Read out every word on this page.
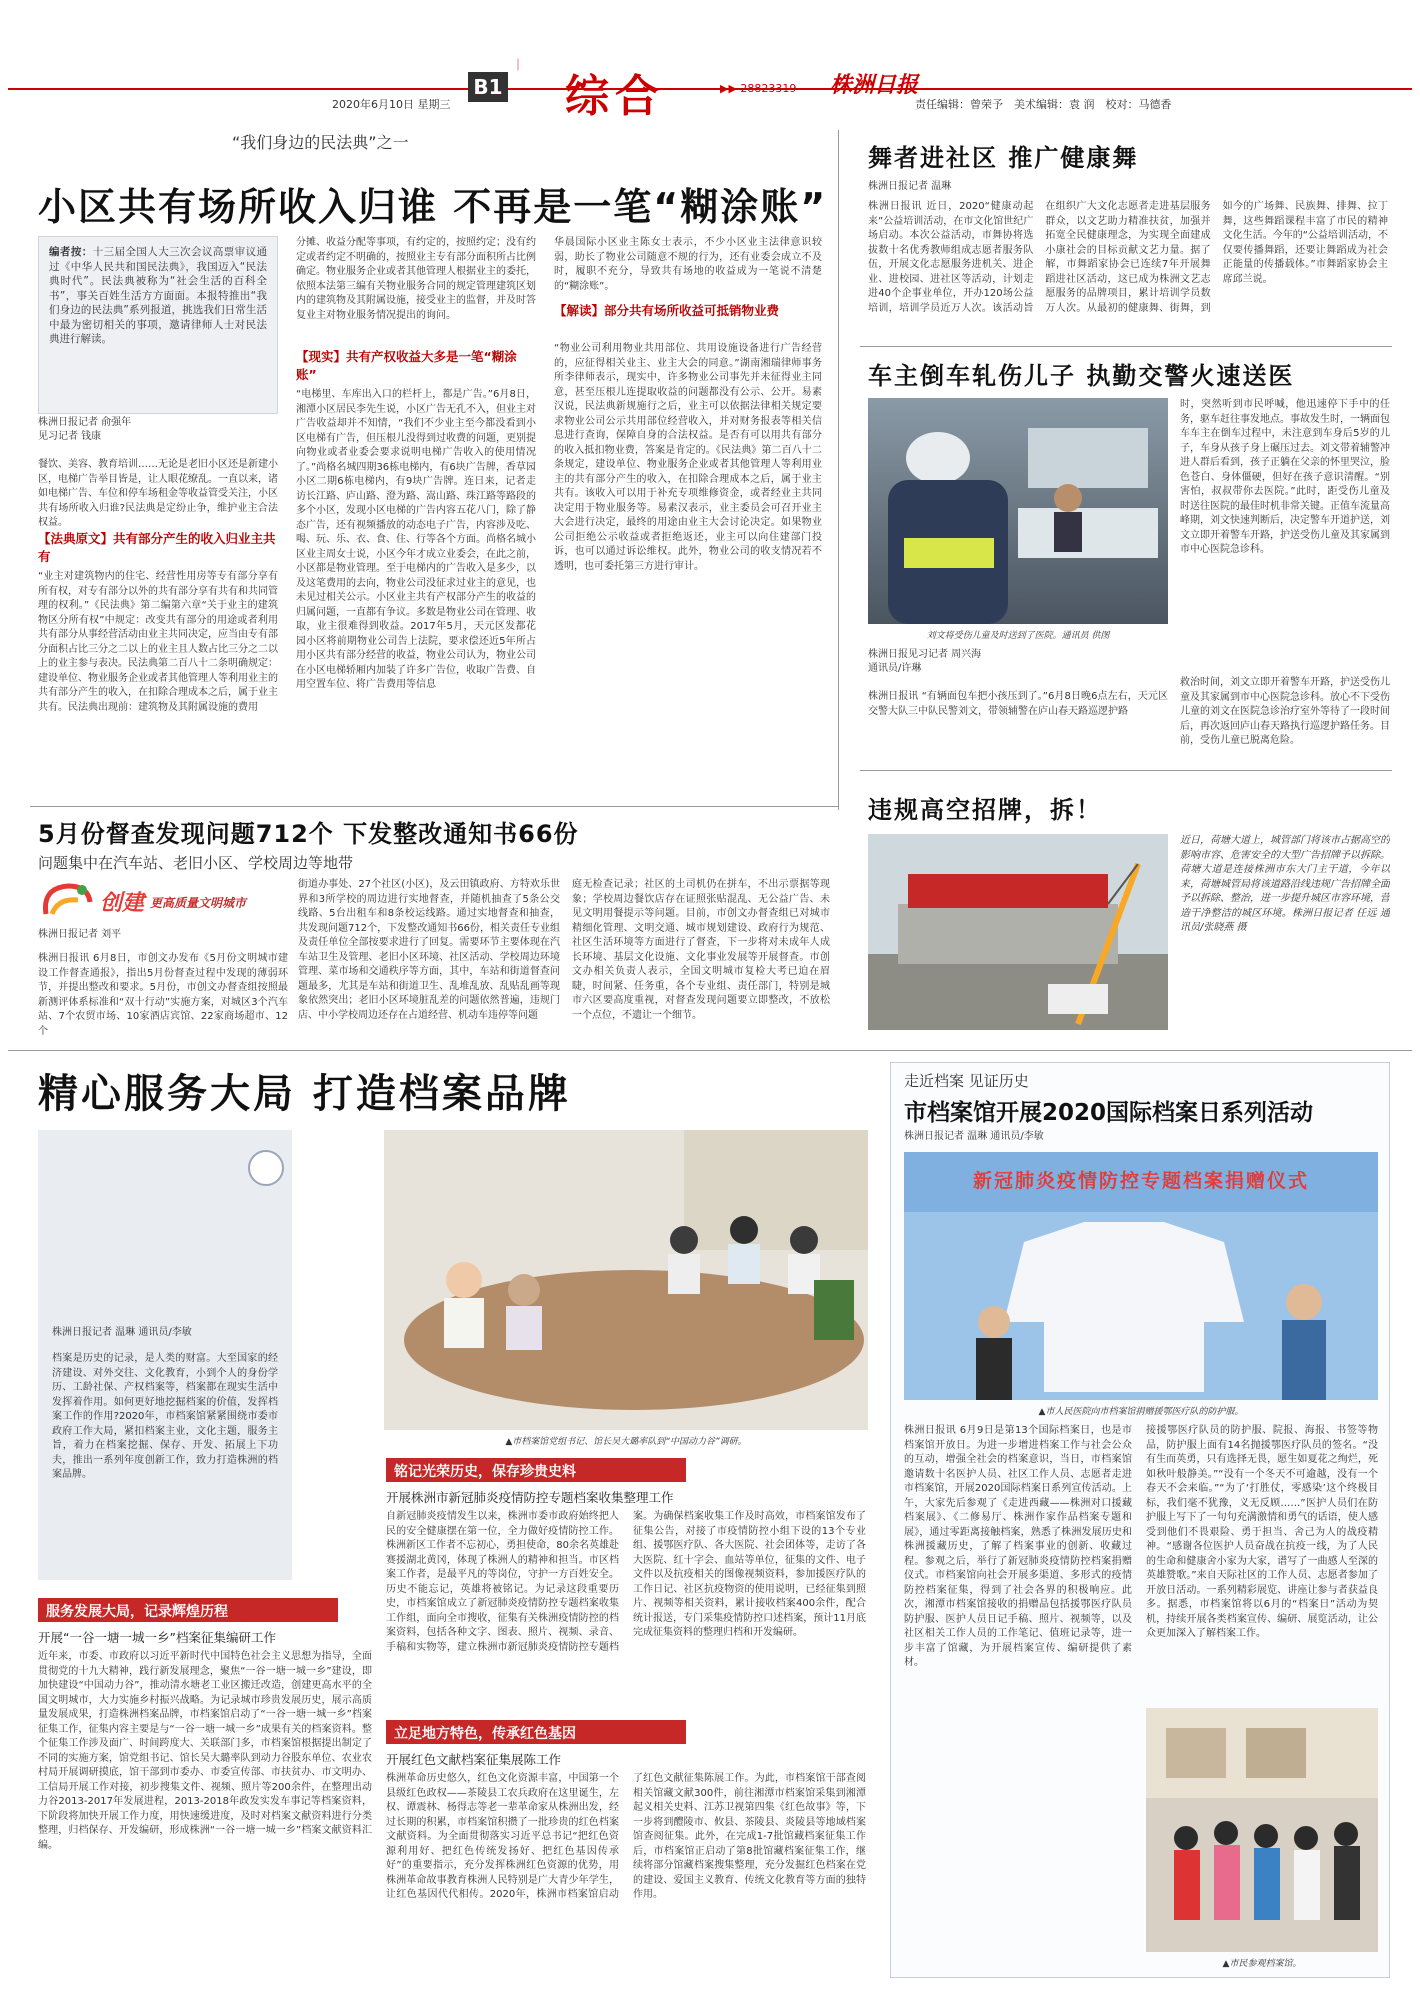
2020年6月10日 星期三
B1
｜
综合	▶▶ 28823319 株洲日报
责任编辑：曾荣予　美术编辑：袁 润　校对：马德香
“我们身边的民法典”之一
小区共有场所收入归谁 不再是一笔“糊涂账”
编者按：十三届全国人大三次会议高票审议通过《中华人民共和国民法典》，我国迈入“民法典时代”。民法典被称为“社会生活的百科全书”，事关百姓生活方方面面。本报特推出“我们身边的民法典”系列报道，挑选我们日常生活中最为密切相关的事项，邀请律师人士对民法典进行解读。
株洲日报记者 俞强年
见习记者 钱康
餐饮、美容、教育培训……无论是老旧小区还是新建小区，电梯广告举目皆是，让人眼花缭乱。一直以来，诸如电梯广告、车位和停车场租金等收益管受关注，小区共有场所收入归谁?民法典是定纷止争，维护业主合法权益。
【法典原文】共有部分产生的收入归业主共有
“业主对建筑物内的住宅、经营性用房等专有部分享有所有权，对专有部分以外的共有部分享有共有和共同管理的权利。”《民法典》第二编第六章“关于业主的建筑物区分所有权”中规定：改变共有部分的用途或者利用共有部分从事经营活动由业主共同决定，应当由专有部分面积占比三分之二以上的业主且人数占比三分之二以上的业主参与表决。民法典第二百八十二条明确规定：建设单位、物业服务企业或者其他管理人等利用业主的共有部分产生的收入，在扣除合理成本之后，属于业主共有。民法典出现前：建筑物及其附属设施的费用
分摊、收益分配等事项，有约定的，按照约定；没有约定或者约定不明确的，按照业主专有部分面积所占比例确定。物业服务企业或者其他管理人根据业主的委托，依照本法第三编有关物业服务合同的规定管理建筑区划内的建筑物及其附属设施，接受业主的监督，并及时答复业主对物业服务情况提出的询问。
【现实】共有产权收益大多是一笔“糊涂账”
“电梯里、车库出入口的栏杆上，都是广告。”6月8日，湘潭小区居民李先生说，小区广告无孔不入，但业主对广告收益却并不知情，“我们不少业主至今都没看到小区电梯有广告，但压根儿没得到过收费的问题，更别提向物业或者业委会要求说明电梯广告收入的使用情况了。”尚格名城四期36栋电梯内，有6块广告牌，香草园小区二期6栋电梯内，有9块广告牌。连日来，记者走访长江路、庐山路、澄为路、嵩山路、珠江路等路段的多个小区，发现小区电梯的广告内容五花八门，除了静态广告，还有视频播放的动态电子广告，内容涉及吃、喝、玩、乐、衣、食、住、行等各个方面。尚格名城小区业主周女士说，小区今年才成立业委会，在此之前，小区都是物业管理。至于电梯内的广告收入是多少，以及这笔费用的去向，物业公司没征求过业主的意见，也未见过相关公示。小区业主共有产权部分产生的收益的归属问题，一直都有争议。多数是物业公司在管理、收取，业主很难得到收益。2017年5月，天元区发都花园小区将前期物业公司告上法院，要求偿还近5年所占用小区共有部分经营的收益，物业公司认为，物业公司在小区电梯轿厢内加装了许多广告位，收取广告费、自用空置车位、将广告费用等信息
华晨国际小区业主陈女士表示，不少小区业主法律意识较弱，助长了物业公司随意不规的行为，还有业委会成立不及时，履职不充分，导致共有场地的收益成为一笔说不清楚的“糊涂账”。
【解读】部分共有场所收益可抵销物业费
“物业公司利用物业共用部位、共用设施设备进行广告经营的，应征得相关业主、业主大会的同意。”湖南湘瑞律师事务所李律师表示，现实中，许多物业公司事先并未征得业主同意，甚至压根儿连提取收益的问题都没有公示、公开。易素汉说，民法典新规施行之后，业主可以依据法律相关规定要求物业公司公示共用部位经营收入，并对财务报表等相关信息进行查询，保障自身的合法权益。是否有可以用共有部分的收入抵扣物业费，答案是肯定的。《民法典》第二百八十二条规定，建设单位、物业服务企业或者其他管理人等利用业主的共有部分产生的收入，在扣除合理成本之后，属于业主共有。该收入可以用于补充专项维修资金，或者经业主共同决定用于物业服务等。易素汉表示，业主委员会可召开业主大会进行决定，最终的用途由业主大会讨论决定。如果物业公司拒绝公示收益或者拒绝返还，业主可以向住建部门投诉，也可以通过诉讼维权。此外，物业公司的收支情况若不透明，也可委托第三方进行审计。
舞者进社区 推广健康舞
株洲日报记者 温琳
株洲日报讯 近日，2020“健康动起来”公益培训活动，在市文化馆世纪广场启动。本次公益活动，市舞协将选拔数十名优秀教师组成志愿者服务队伍，开展文化志愿服务进机关、进企业、进校园、进社区等活动，计划走进40个企事业单位，开办120场公益培训，培训学员近万人次。该活动旨在组织广大文化志愿者走进基层服务群众，以文艺助力精准扶贫，加强并拓宽全民健康理念，为实现全面建成小康社会的目标贡献文艺力量。据了解，市舞蹈家协会已连续7年开展舞蹈进社区活动，这已成为株洲文艺志愿服务的品牌项目，累计培训学员数万人次。从最初的健康舞、街舞，到如今的广场舞、民族舞、排舞、拉丁舞，这些舞蹈课程丰富了市民的精神文化生活。今年的“公益培训活动，不仅要传播舞蹈，还要让舞蹈成为社会正能量的传播载体。”市舞蹈家协会主席邱兰说。
车主倒车轧伤儿子 执勤交警火速送医
刘文将受伤儿童及时送到了医院。通讯员 供图
株洲日报见习记者 周兴海
通讯员/许琳
株洲日报讯 “有辆面包车把小孩压到了。”6月8日晚6点左右，天元区交警大队三中队民警刘文，带领辅警在庐山春天路巡逻护路
时，突然听到市民呼喊，他迅速停下手中的任务，驱车赶往事发地点。事故发生时，一辆面包车车主在倒车过程中，未注意到车身后5岁的儿子，车身从孩子身上碾压过去。刘文带着辅警冲进人群后看到，孩子正躺在父亲的怀里哭泣，脸色苍白、身体僵硬，但好在孩子意识清醒。“别害怕，叔叔带你去医院。”此时，距受伤儿童及时送往医院的最佳时机非常关键。正值车流量高峰期，刘文快速判断后，决定警车开道护送，刘文立即开着警车开路，护送受伤儿童及其家属到市中心医院急诊科。
救治时间，刘文立即开着警车开路，护送受伤儿童及其家属到市中心医院急诊科。放心不下受伤儿童的刘文在医院急诊治疗室外等待了一段时间后，再次返回庐山春天路执行巡逻护路任务。目前，受伤儿童已脱离危险。
5月份督查发现问题712个 下发整改通知书66份
问题集中在汽车站、老旧小区、学校周边等地带
创建 更高质量文明城市
株洲日报记者 刘平
株洲日报讯 6月8日，市创文办发布《5月份文明城市建设工作督查通报》，指出5月份督查过程中发现的薄弱环节，并提出整改和要求。5月份，市创文办督查组按照最新测评体系标准和“双十行动”实施方案，对城区3个汽车站、7个农贸市场、10家酒店宾馆、22家商场超市、12个
街道办事处、27个社区(小区)，及云田镇政府、方特欢乐世界和3所学校的周边进行实地督查，并随机抽查了5条公交线路、5台出租车和8条校运线路。通过实地督查和抽查，共发现问题712个，下发整改通知书66份，相关责任专业组及责任单位全部按要求进行了回复。需要环节主要体现在汽车站卫生及管理、老旧小区环境、社区活动、学校周边环境管理、菜市场和交通秩序等方面，其中，车站和街道督查问题最多，尤其是车站和街道卫生、乱堆乱放、乱贴乱画等现象依然突出；老旧小区环境脏乱差的问题依然普遍，违规门店、中小学校周边还存在占道经营、机动车违停等问题
庭无检查记录；社区的土司机仍在拼车，不出示票据等现象；学校周边餐饮店存在证照张贴混乱、无公益广告、未见文明用餐提示等问题。目前，市创文办督查组已对城市精细化管理、文明交通、城市规划建设、政府行为规范、社区生活环境等方面进行了督查，下一步将对未成年人成长环境、基层文化设施、文化事业发展等开展督查。市创文办相关负责人表示，全国文明城市复检大考已迫在眉睫，时间紧、任务重，各个专业组、责任部门，特别是城市六区要高度重视，对督查发现问题要立即整改，不放松一个点位，不遗让一个细节。
违规高空招牌，拆！
近日，荷塘大道上，城管部门将该市占据高空的影响市容、危害安全的大型广告招牌予以拆除。荷塘大道是连接株洲市东大门主干道，今年以来，荷塘城管局将该道路沿线违规广告招牌全面予以拆除、整治，进一步提升城区市容环境，营造干净整洁的城区环境。株洲日报记者 任远 通讯员/张晓燕 摄
精心服务大局 打造档案品牌
株洲日报记者 温琳 通讯员/李敏
档案是历史的记录，是人类的财富。大至国家的经济建设、对外交往、文化教育，小到个人的身份学历、工龄社保、产权档案等，档案都在现实生活中发挥着作用。如何更好地挖掘档案的价值，发挥档案工作的作用?2020年，市档案馆紧紧围绕市委市政府工作大局，紧扣档案主业，文化主题，服务主旨，着力在档案挖掘、保存、开发、拓展上下功夫，推出一系列年度创新工作，致力打造株洲的档案品牌。
▲市档案馆党组书记、馆长吴大璐率队到“中国动力谷”调研。
服务发展大局，记录辉煌历程
开展“一谷一塘一城一乡”档案征集编研工作
近年来，市委、市政府以习近平新时代中国特色社会主义思想为指导，全面贯彻党的十九大精神，践行新发展理念，聚焦“一谷一塘一城一乡”建设，即加快建设“中国动力谷”，推动清水塘老工业区搬迁改造，创建更高水平的全国文明城市，大力实施乡村振兴战略。为记录城市珍贵发展历史，展示高质量发展成果，打造株洲档案品牌，市档案馆启动了“一谷一塘一城一乡”档案征集工作，征集内容主要是与“一谷一塘一城一乡”成果有关的档案资料。整个征集工作涉及面广、时间跨度大、关联部门多，市档案馆根据提出制定了不同的实施方案，馆党组书记、馆长吴大璐率队到动力谷股东单位、农业农村局开展调研摸底，馆干部到市委办、市委宣传部、市扶贫办、市文明办、工信局开展工作对接，初步搜集文件、视频、照片等200余件，在整理出动力谷2013-2017年发展进程，2013-2018年政发实发车事记等档案资料，下阶段将加快开展工作力度，用快速缓进度，及时对档案文献资料进行分类整理，归档保存、开发编研，形成株洲“一谷一塘一城一乡”档案文献资料汇编。
铭记光荣历史，保存珍贵史料
开展株洲市新冠肺炎疫情防控专题档案收集整理工作
自新冠肺炎疫情发生以来，株洲市委市政府始终把人民的安全健康摆在第一位，全力做好疫情防控工作。株洲新区工作者不忘初心，勇担使命，80余名英雄赴赛援湖北黄冈，体现了株洲人的精神和担当。市区档案工作者，是最平凡的等岗位，守护一方百姓安全。历史不能忘记，英雄将被铭记。为记录这段重要历史，市档案馆成立了新冠肺炎疫情防控专题档案收集工作组，面向全市搜收，征集有关株洲疫情防控的档案资料，包括各种文字、图表、照片、视频、录音、手稿和实物等，建立株洲市新冠肺炎疫情防控专题档案。为确保档案收集工作及时高效，市档案馆发布了征集公告，对接了市疫情防控小组下设的13个专业组、援鄂医疗队、各大医院、社会团体等，走访了各大医院、红十字会、血站等单位，征集的文件、电子文件以及抗疫相关的图像视频资料，参加援医疗队的工作日记、社区抗疫物资的使用说明，已经征集到照片、视频等相关资料，累计接收档案400余件，配合统计报送，专门采集疫情防控口述档案，预计11月底完成征集资料的整理归档和开发编研。
立足地方特色，传承红色基因
开展红色文献档案征集展陈工作
株洲革命历史悠久，红色文化资源丰富，中国第一个县级红色政权——茶陵县工农兵政府在这里诞生，左权、谭震林、杨得志等老一辈革命家从株洲出发，经过长期的积累，市档案馆积攒了一批珍贵的红色档案文献资料。为全面贯彻落实习近平总书记“把红色资源利用好、把红色传统发扬好、把红色基因传承好”的重要指示，充分发挥株洲红色资源的优势，用株洲革命故事教育株洲人民特别是广大青少年学生，让红色基因代代相传。2020年，株洲市档案馆启动了红色文献征集陈展工作。为此，市档案馆干部查阅相关馆藏文献300件，前往湘潭市档案馆采集到湘潭起义相关史料、江苏卫视第四集《红色故事》等，下一步将到醴陵市、攸县、茶陵县、炎陵县等地域档案馆查阅征集。此外，在完成1-7批馆藏档案征集工作后，市档案馆正启动了第8批馆藏档案征集工作，继续将部分馆藏档案搜集整理，充分发掘红色档案在党的建设、爱国主义教育、传统文化教育等方面的独特作用。
走近档案 见证历史
市档案馆开展2020国际档案日系列活动
株洲日报记者 温琳 通讯员/李敏
新冠肺炎疫情防控专题档案捐赠仪式
▲市人民医院向市档案馆捐赠援鄂医疗队的防护服。
株洲日报讯 6月9日是第13个国际档案日，也是市档案馆开放日。为进一步增进档案工作与社会公众的互动，增强全社会的档案意识，当日，市档案馆邀请数十名医护人员、社区工作人员、志愿者走进市档案馆，开展2020国际档案日系列宣传活动。上午，大家先后参观了《走进西藏——株洲对口援藏档案展》、《二修易厅、株洲作家作品档案专题和展》，通过零距离接触档案，熟悉了株洲发展历史和株洲援藏历史，了解了档案事业的创新、收藏过程。参观之后，举行了新冠肺炎疫情防控档案捐赠仪式。市档案馆向社会开展多渠道、多形式的疫情防控档案征集，得到了社会各界的积极响应。此次，湘潭市档案馆接收的捐赠品包括援鄂医疗队员防护服、医护人员日记手稿、照片、视频等，以及社区相关工作人员的工作笔记、值班记录等，进一步丰富了馆藏，为开展档案宣传、编研提供了素材。
接援鄂医疗队员的防护服、院报、海报、书签等物品，防护服上面有14名抛援鄂医疗队员的签名。“没有生而英勇，只有选择无畏，愿生如夏花之绚烂，死如秋叶般静美。”“没有一个冬天不可逾越，没有一个春天不会来临。”“为了‘打胜仗，零感染’这个终极目标，我们毫不犹豫，义无反顾……”医护人员们在防护服上写下了一句句充满激情和勇气的话语，使人感受到他们不畏艰险、勇于担当、舍己为人的战疫精神。“感谢各位医护人员奋战在抗疫一线，为了人民的生命和健康舍小家为大家，谱写了一曲感人至深的英雄赞歌。”来自天际社区的工作人员、志愿者参加了开放日活动。一系列精彩展览、讲座让参与者获益良多。据悉，市档案馆将以6月的“档案日”活动为契机，持续开展各类档案宣传、编研、展览活动，让公众更加深入了解档案工作。
▲市民参观档案馆。
